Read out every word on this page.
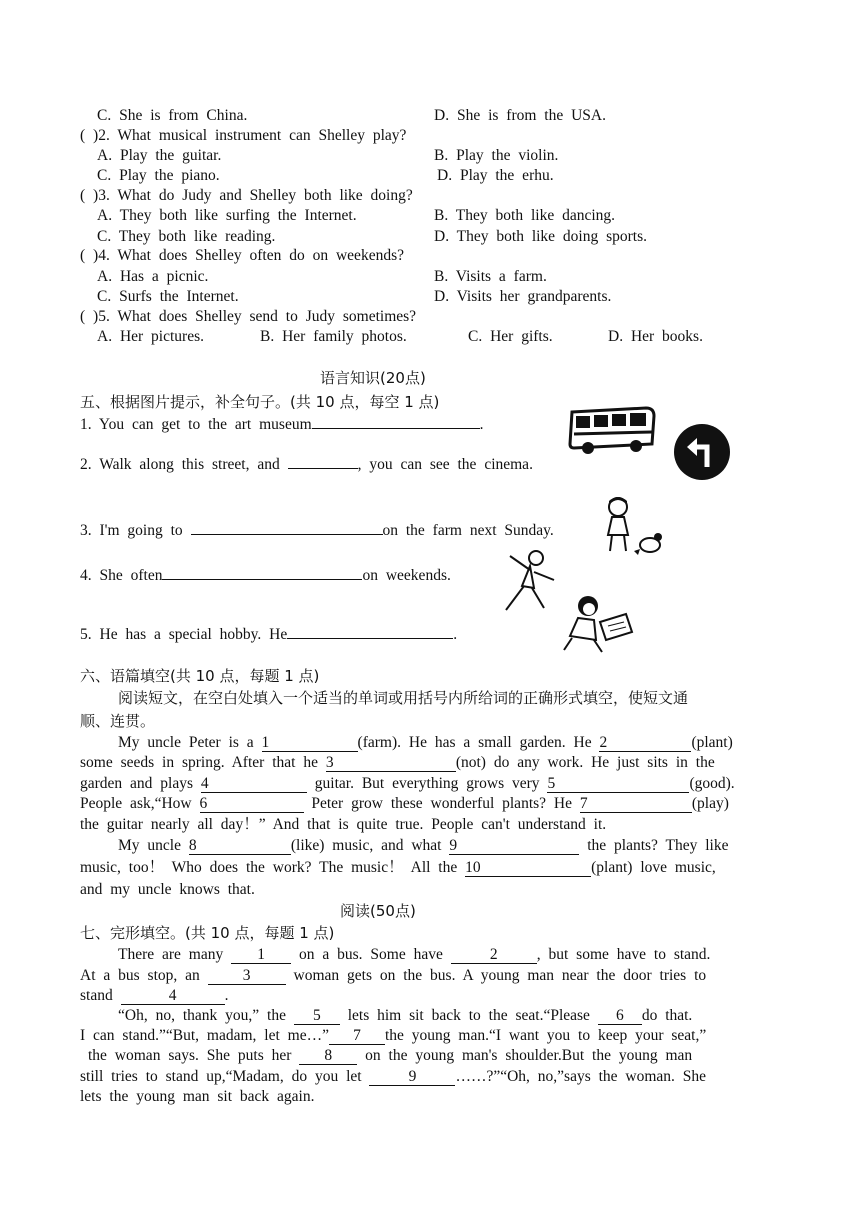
C. She is from China.	D. She is from the USA.
( )2. What musical instrument can Shelley play?
A. Play the guitar.	B. Play the violin.
C. Play the piano.	D. Play the erhu.
( )3. What do Judy and Shelley both like doing?
A. They both like surfing the Internet.	B. They both like dancing.
C. They both like reading.	D. They both like doing sports.
( )4. What does Shelley often do on weekends?
A. Has a picnic.	B. Visits a farm.
C. Surfs the Internet.	D. Visits her grandparents.
( )5. What does Shelley send to Judy sometimes?
A. Her pictures.	B. Her family photos.	C. Her gifts.	D. Her books.
语言知识(20点)
五、根据图片提示，补全句子。(共 10 点，每空 1 点)
1. You can get to the art museum	.
2. Walk along this street, and	, you can see the cinema.
3. I'm going to	on the farm next Sunday.
4. She often	on weekends.
5. He has a special hobby. He	.
六、语篇填空(共 10 点，每题 1 点)
阅读短文，在空白处填入一个适当的单词或用括号内所给词的正确形式填空，使短文通
顺、连贯。
My uncle Peter is a 1	(farm). He has a small garden. He 2	(plant)
some seeds in spring. After that he 3	(not) do any work. He just sits in the
garden and plays 4	guitar. But everything grows very 5	(good).
People ask,“How 6	Peter grow these wonderful plants? He 7	(play)
the guitar nearly all day！” And that is quite true. People can't understand it.
My uncle 8	(like) music, and what 9	the plants? They like
music, too！ Who does the work? The music！ All the 10	(plant) love music,
and my uncle knows that.
阅读(50点)
七、完形填空。(共 10 点，每题 1 点)
There are many 1 on a bus. Some have	2	, but some have to stand.
At a bus stop, an	3	woman gets on the bus. A young man near the door tries to
stand	4	.
“Oh, no, thank you,” the 5 lets him sit back to the seat.“Please 6 do that.
I can stand.”“But, madam, let me…” 7 the young man.“I want you to keep your seat,”
the woman says. She puts her 8 on the young man's shoulder.But the young man
still tries to stand up,“Madam, do you let	9	……?”“Oh, no,”says the woman. She
lets the young man sit back again.
